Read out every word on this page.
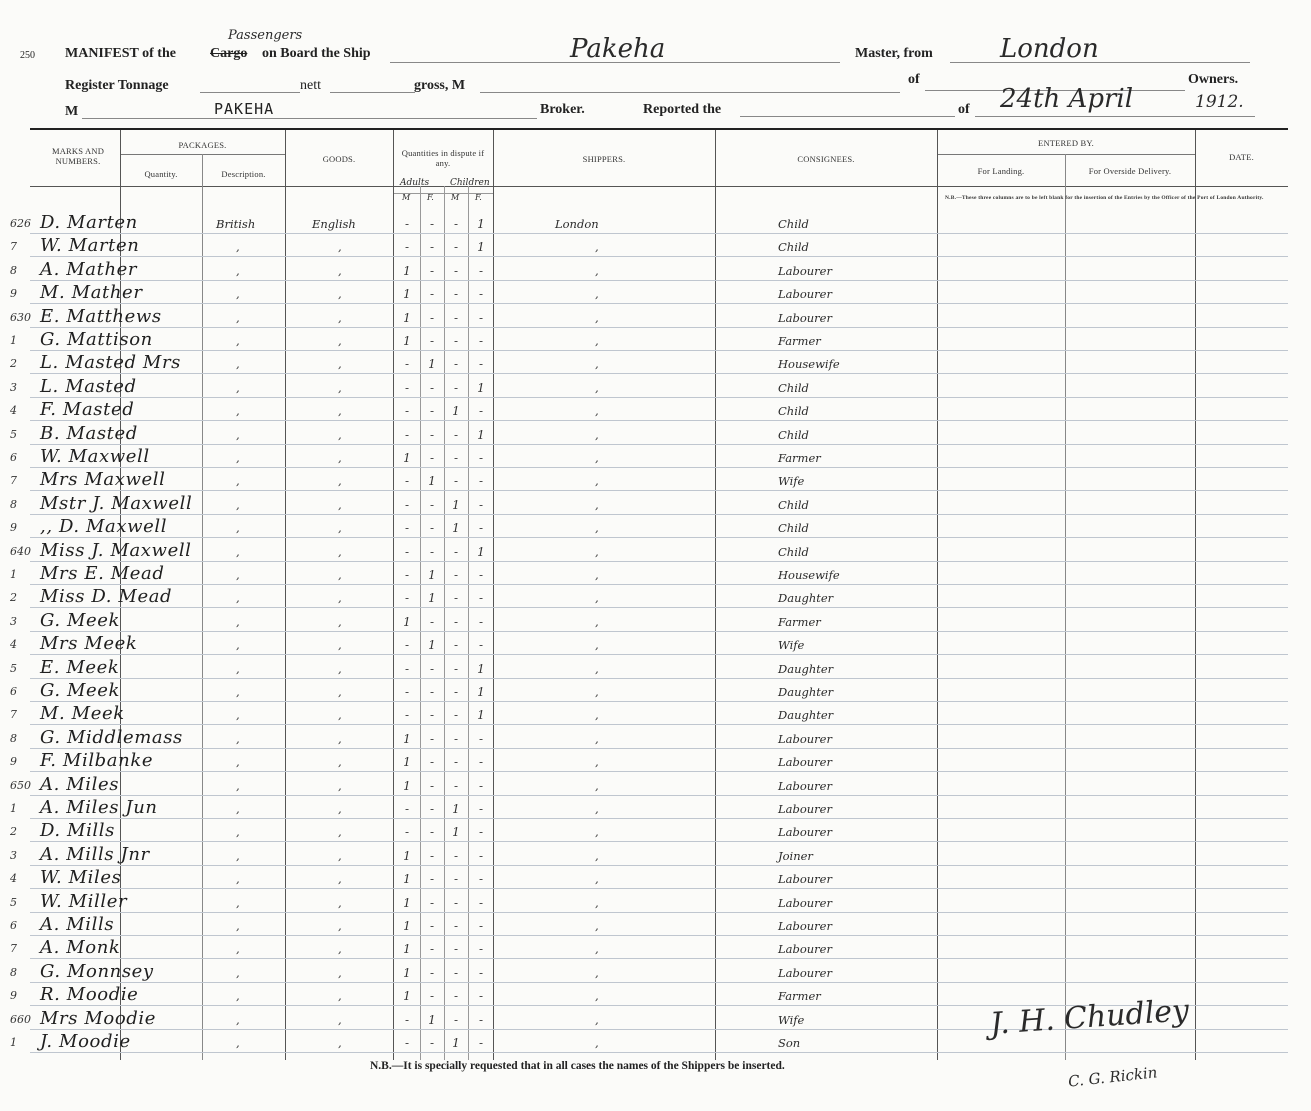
250 MANIFEST of the Cargo
Passengers
on Board the Ship	Pakeha	Master, from	London
Register Tonnage	nett	gross, M	of	Owners.
M	PAKEHA	Broker.	Reported the	of 24th April	1912.
MARKS AND NUMBERS.
PACKAGES.
Quantity.	Description.
GOODS.
Quantities in dispute if any.
Adults Children
M F. M F.
SHIPPERS.	CONSIGNEES.
ENTERED BY.
For Landing.	For Overside Delivery.
DATE.
N.B.—These three columns are to be left blank for the insertion of the Entries by the Officer of the Port of London Authority.
626 D. Marten	British	English	-	-	-	1	London	Child
7 W. Marten	,	,	-	-	-	1	,	Child
8 A. Mather	,	,	1	-	-	-	,	Labourer
9 M. Mather	,	,	1	-	-	-	,	Labourer
630 E. Matthews	,	,	1	-	-	-	,	Labourer
1 G. Mattison	,	,	1	-	-	-	,	Farmer
2 L. Masted Mrs	,	,	-	1	-	-	,	Housewife
3 L. Masted	,	,	-	-	-	1	,	Child
4 F. Masted	,	,	-	-	1	-	,	Child
5 B. Masted	,	,	-	-	-	1	,	Child
6 W. Maxwell	,	,	1	-	-	-	,	Farmer
7 Mrs Maxwell	,	,	-	1	-	-	,	Wife
8 Mstr J. Maxwell	,	,	-	-	1	-	,	Child
9 ,, D. Maxwell	,	,	-	-	1	-	,	Child
640 Miss J. Maxwell	,	,	-	-	-	1	,	Child
1 Mrs E. Mead	,	,	-	1	-	-	,	Housewife
2 Miss D. Mead	,	,	-	1	-	-	,	Daughter
3 G. Meek	,	,	1	-	-	-	,	Farmer
4 Mrs Meek	,	,	-	1	-	-	,	Wife
5 E. Meek	,	,	-	-	-	1	,	Daughter
6 G. Meek	,	,	-	-	-	1	,	Daughter
7 M. Meek	,	,	-	-	-	1	,	Daughter
8 G. Middlemass	,	,	1	-	-	-	,	Labourer
9 F. Milbanke	,	,	1	-	-	-	,	Labourer
650 A. Miles	,	,	1	-	-	-	,	Labourer
1 A. Miles Jun	,	,	-	-	1	-	,	Labourer
2 D. Mills	,	,	-	-	1	-	,	Labourer
3 A. Mills Jnr	,	,	1	-	-	-	,	Joiner
4 W. Miles	,	,	1	-	-	-	,	Labourer
5 W. Miller	,	,	1	-	-	-	,	Labourer
6 A. Mills	,	,	1	-	-	-	,	Labourer
7 A. Monk	,	,	1	-	-	-	,	Labourer
8 G. Monnsey	,	,	1	-	-	-	,	Labourer
9 R. Moodie	,	,	1	-	-	-	,	Farmer
660 Mrs Moodie	,	,	-	1	-	-	,	Wife
1 J. Moodie	,	,	-	-	1	-	,	Son
N.B.—It is specially requested that in all cases the names of the Shippers be inserted.
J. H. Chudley
C. G. Rickin
